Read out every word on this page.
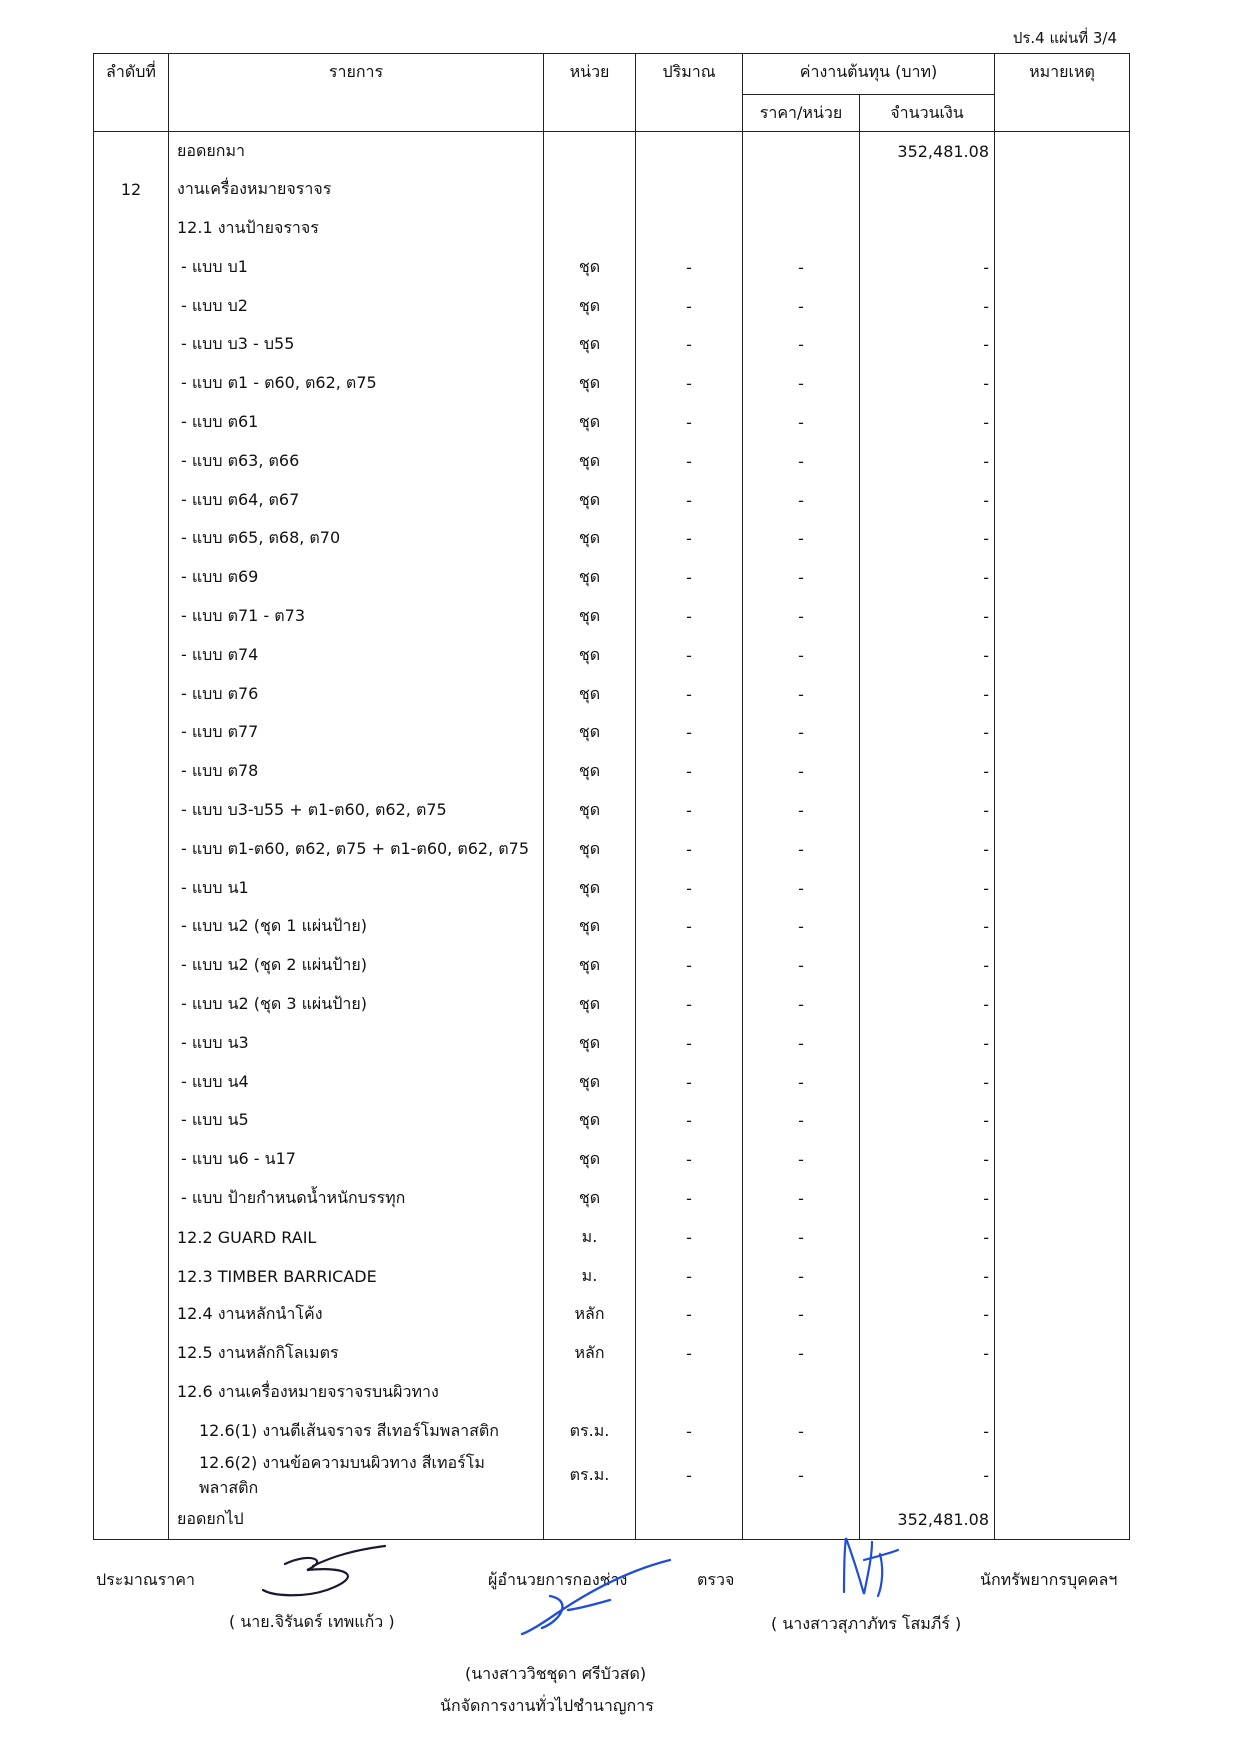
ปร.4 แผ่นที่ 3/4
ลำดับที่	รายการ	หน่วย	ปริมาณ	ค่างานต้นทุน (บาท)		หมายเหตุ
				ราคา/หน่วย	จำนวนเงิน	
	ยอดยกมา				352,481.08	
12	งานเครื่องหมายจราจร					
	12.1 งานป้ายจราจร					
	- แบบ บ1	ชุด	-	-	-	
	- แบบ บ2	ชุด	-	-	-	
	- แบบ บ3 - บ55	ชุด	-	-	-	
	- แบบ ต1 - ต60, ต62, ต75	ชุด	-	-	-	
	- แบบ ต61	ชุด	-	-	-	
	- แบบ ต63, ต66	ชุด	-	-	-	
	- แบบ ต64, ต67	ชุด	-	-	-	
	- แบบ ต65, ต68, ต70	ชุด	-	-	-	
	- แบบ ต69	ชุด	-	-	-	
	- แบบ ต71 - ต73	ชุด	-	-	-	
	- แบบ ต74	ชุด	-	-	-	
	- แบบ ต76	ชุด	-	-	-	
	- แบบ ต77	ชุด	-	-	-	
	- แบบ ต78	ชุด	-	-	-	
	- แบบ บ3-บ55 + ต1-ต60, ต62, ต75	ชุด	-	-	-	
	- แบบ ต1-ต60, ต62, ต75 + ต1-ต60, ต62, ต75	ชุด	-	-	-	
	- แบบ น1	ชุด	-	-	-	
	- แบบ น2 (ชุด 1 แผ่นป้าย)	ชุด	-	-	-	
	- แบบ น2 (ชุด 2 แผ่นป้าย)	ชุด	-	-	-	
	- แบบ น2 (ชุด 3 แผ่นป้าย)	ชุด	-	-	-	
	- แบบ น3	ชุด	-	-	-	
	- แบบ น4	ชุด	-	-	-	
	- แบบ น5	ชุด	-	-	-	
	- แบบ น6 - น17	ชุด	-	-	-	
	- แบบ ป้ายกำหนดน้ำหนักบรรทุก	ชุด	-	-	-	
	12.2 GUARD RAIL	ม.	-	-	-	
	12.3 TIMBER BARRICADE	ม.	-	-	-	
	12.4 งานหลักนำโค้ง	หลัก	-	-	-	
	12.5 งานหลักกิโลเมตร	หลัก	-	-	-	
	12.6 งานเครื่องหมายจราจรบนผิวทาง					
	12.6(1) งานตีเส้นจราจร สีเทอร์โมพลาสติก	ตร.ม.	-	-	-	
	12.6(2) งานข้อความบนผิวทาง สีเทอร์โมพลาสติก	ตร.ม.	-	-	-	
	ยอดยกไป				352,481.08	
ประมาณราคา
( นาย.จิรันดร์ เทพแก้ว )
ผู้อำนวยการกองช่าง	ตรวจ
( นางสาวสุภาภัทร โสมภีร์ )
นักทรัพยากรบุคคลฯ
(นางสาววิชชุดา ศรีบัวสด)
นักจัดการงานทั่วไปชำนาญการ
